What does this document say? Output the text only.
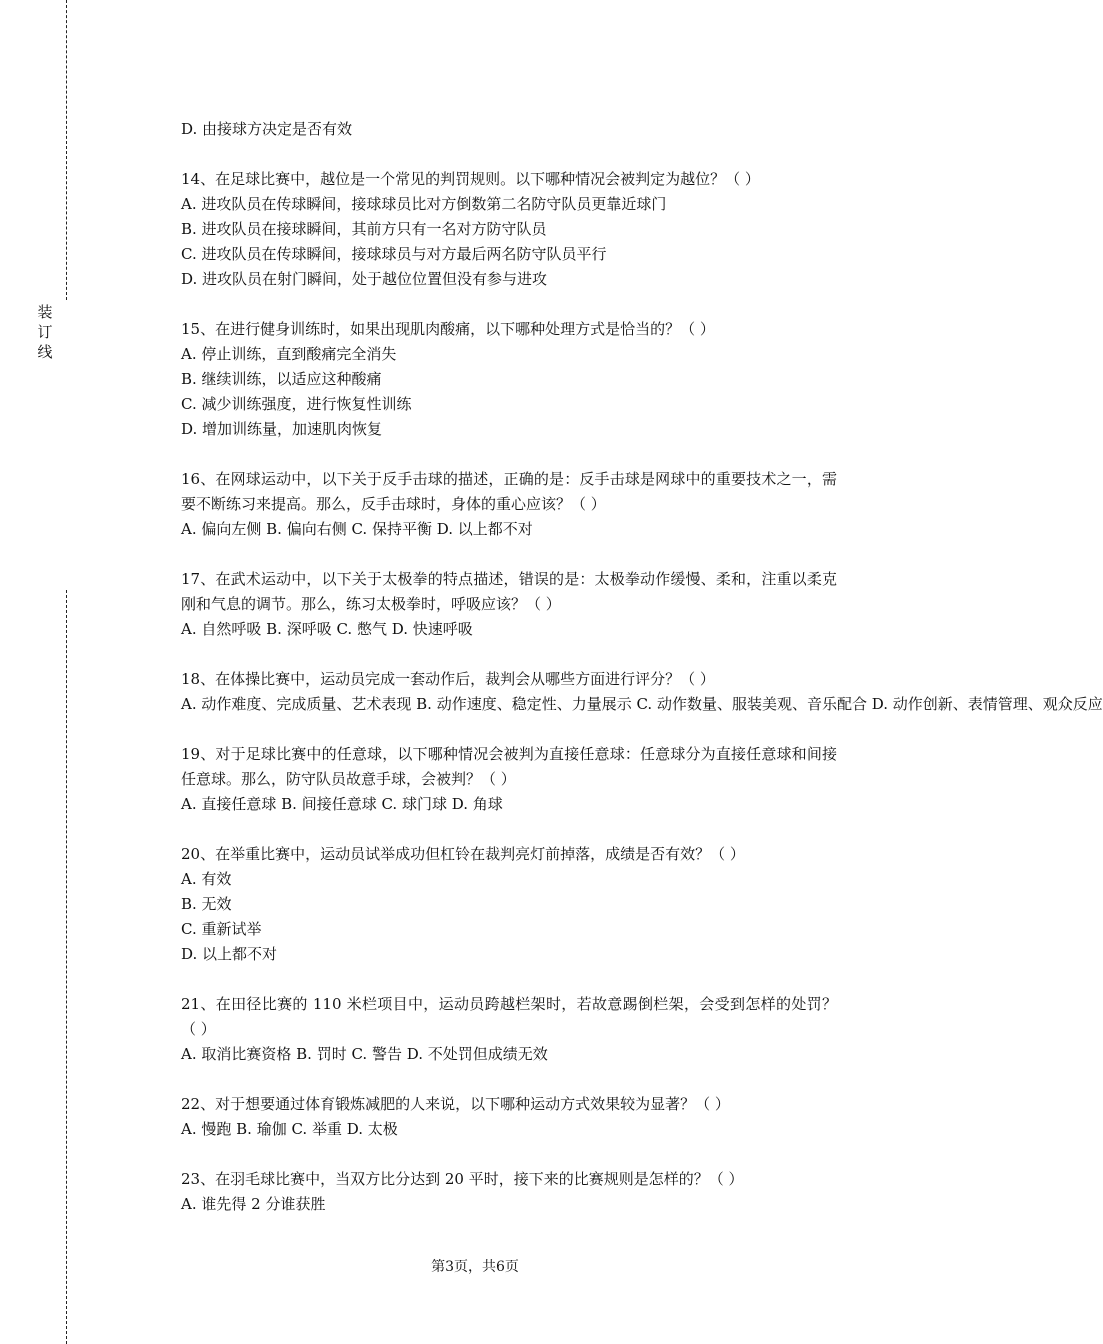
装
订
线
D. 由接球方决定是否有效
14、在足球比赛中，越位是一个常见的判罚规则。以下哪种情况会被判定为越位？（ ）
A. 进攻队员在传球瞬间，接球球员比对方倒数第二名防守队员更靠近球门
B. 进攻队员在接球瞬间，其前方只有一名对方防守队员
C. 进攻队员在传球瞬间，接球球员与对方最后两名防守队员平行
D. 进攻队员在射门瞬间，处于越位位置但没有参与进攻
15、在进行健身训练时，如果出现肌肉酸痛，以下哪种处理方式是恰当的？（ ）
A. 停止训练，直到酸痛完全消失
B. 继续训练，以适应这种酸痛
C. 减少训练强度，进行恢复性训练
D. 增加训练量，加速肌肉恢复
16、在网球运动中，以下关于反手击球的描述，正确的是：反手击球是网球中的重要技术之一，需要不断练习来提高。那么，反手击球时，身体的重心应该？（ ）
A. 偏向左侧 B. 偏向右侧 C. 保持平衡 D. 以上都不对
17、在武术运动中，以下关于太极拳的特点描述，错误的是：太极拳动作缓慢、柔和，注重以柔克刚和气息的调节。那么，练习太极拳时，呼吸应该？（ ）
A. 自然呼吸 B. 深呼吸 C. 憋气 D. 快速呼吸
18、在体操比赛中，运动员完成一套动作后，裁判会从哪些方面进行评分？（ ）
A. 动作难度、完成质量、艺术表现 B. 动作速度、稳定性、力量展示 C. 动作数量、服装美观、音乐配合 D. 动作创新、表情管理、观众反应
19、对于足球比赛中的任意球，以下哪种情况会被判为直接任意球：任意球分为直接任意球和间接任意球。那么，防守队员故意手球，会被判？（ ）
A. 直接任意球 B. 间接任意球 C. 球门球 D. 角球
20、在举重比赛中，运动员试举成功但杠铃在裁判亮灯前掉落，成绩是否有效？（ ）
A. 有效
B. 无效
C. 重新试举
D. 以上都不对
21、在田径比赛的 110 米栏项目中，运动员跨越栏架时，若故意踢倒栏架，会受到怎样的处罚？（ ）
A. 取消比赛资格 B. 罚时 C. 警告 D. 不处罚但成绩无效
22、对于想要通过体育锻炼减肥的人来说，以下哪种运动方式效果较为显著？（ ）
A. 慢跑 B. 瑜伽 C. 举重 D. 太极
23、在羽毛球比赛中，当双方比分达到 20 平时，接下来的比赛规则是怎样的？（ ）
A. 谁先得 2 分谁获胜
第3页，共6页
